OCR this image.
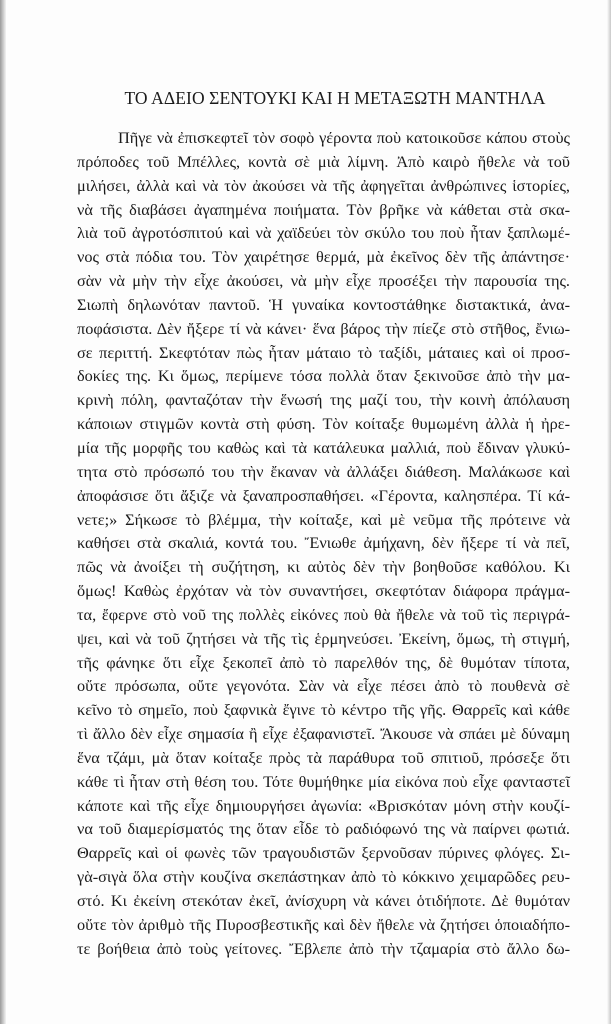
ΤΟ ΑΔΕΙΟ ΣΕΝΤΟΥΚΙ ΚΑΙ Η ΜΕΤΑΞΩΤΗ ΜΑΝΤΗΛΑ
Πῆγε νὰ ἐπισκεφτεῖ τὸν σοφὸ γέροντα ποὺ κατοικοῦσε κάπου στοὺς
πρόποδες τοῦ Μπέλλες, κοντὰ σὲ μιὰ λίμνη. Ἀπὸ καιρὸ ἤθελε νὰ τοῦ
μιλήσει, ἀλλὰ καὶ νὰ τὸν ἀκούσει νὰ τῆς ἀφηγεῖται ἀνθρώπινες ἱστορίες,
νὰ τῆς διαβάσει ἀγαπημένα ποιήματα. Τὸν βρῆκε νὰ κάθεται στὰ σκα-
λιὰ τοῦ ἀγροτόσπιτού καὶ νὰ χαϊδεύει τὸν σκύλο του ποὺ ἦταν ξαπλωμέ-
νος στὰ πόδια του. Τὸν χαιρέτησε θερμά, μὰ ἐκεῖνος δὲν τῆς ἀπάντησε·
σὰν νὰ μὴν τὴν εἶχε ἀκούσει, νὰ μὴν εἶχε προσέξει τὴν παρουσία της.
Σιωπὴ δηλωνόταν παντοῦ. Ἡ γυναίκα κοντοστάθηκε διστακτικά, ἀνα-
ποφάσιστα. Δὲν ἤξερε τί νὰ κάνει· ἕνα βάρος τὴν πίεζε στὸ στῆθος, ἔνιω-
σε περιττή. Σκεφτόταν πὼς ἦταν μάταιο τὸ ταξίδι, μάταιες καὶ οἱ προσ-
δοκίες της. Κι ὅμως, περίμενε τόσα πολλὰ ὅταν ξεκινοῦσε ἀπὸ τὴν μα-
κρινὴ πόλη, φανταζόταν τὴν ἕνωσή της μαζί του, τὴν κοινὴ ἀπόλαυση
κάποιων στιγμῶν κοντὰ στὴ φύση. Τὸν κοίταξε θυμωμένη ἀλλὰ ἡ ἠρε-
μία τῆς μορφῆς του καθὼς καὶ τὰ κατάλευκα μαλλιά, ποὺ ἔδιναν γλυκύ-
τητα στὸ πρόσωπό του τὴν ἔκαναν νὰ ἀλλάξει διάθεση. Μαλάκωσε καὶ
ἀποφάσισε ὅτι ἄξιζε νὰ ξαναπροσπαθήσει. «Γέροντα, καλησπέρα. Τί κά-
νετε;» Σήκωσε τὸ βλέμμα, τὴν κοίταξε, καὶ μὲ νεῦμα τῆς πρότεινε νὰ
καθήσει στὰ σκαλιά, κοντά του. Ἔνιωθε ἀμήχανη, δὲν ἤξερε τί νὰ πεῖ,
πῶς νὰ ἀνοίξει τὴ συζήτηση, κι αὐτὸς δὲν τὴν βοηθοῦσε καθόλου. Κι
ὅμως! Καθὼς ἐρχόταν νὰ τὸν συναντήσει, σκεφτόταν διάφορα πράγμα-
τα, ἔφερνε στὸ νοῦ της πολλὲς εἰκόνες ποὺ θὰ ἤθελε νὰ τοῦ τὶς περιγρά-
ψει, καὶ νὰ τοῦ ζητήσει νὰ τῆς τὶς ἑρμηνεύσει. Ἐκείνη, ὅμως, τὴ στιγμή,
τῆς φάνηκε ὅτι εἶχε ξεκοπεῖ ἀπὸ τὸ παρελθόν της, δὲ θυμόταν τίποτα,
οὔτε πρόσωπα, οὔτε γεγονότα. Σὰν νὰ εἶχε πέσει ἀπὸ τὸ πουθενὰ σὲ
κεῖνο τὸ σημεῖο, ποὺ ξαφνικὰ ἔγινε τὸ κέντρο τῆς γῆς. Θαρρεῖς καὶ κάθε
τὶ ἄλλο δὲν εἶχε σημασία ἢ εἶχε ἐξαφανιστεῖ. Ἄκουσε νὰ σπάει μὲ δύναμη
ἕνα τζάμι, μὰ ὅταν κοίταξε πρὸς τὰ παράθυρα τοῦ σπιτιοῦ, πρόσεξε ὅτι
κάθε τὶ ἦταν στὴ θέση του. Τότε θυμήθηκε μία εἰκόνα ποὺ εἶχε φανταστεῖ
κάποτε καὶ τῆς εἶχε δημιουργήσει ἀγωνία: «Βρισκόταν μόνη στὴν κουζί-
να τοῦ διαμερίσματός της ὅταν εἶδε τὸ ραδιόφωνό της νὰ παίρνει φωτιά.
Θαρρεῖς καὶ οἱ φωνὲς τῶν τραγουδιστῶν ξερνοῦσαν πύρινες φλόγες. Σι-
γὰ-σιγὰ ὅλα στὴν κουζίνα σκεπάστηκαν ἀπὸ τὸ κόκκινο χειμαρῶδες ρευ-
στό. Κι ἐκείνη στεκόταν ἐκεῖ, ἀνίσχυρη νὰ κάνει ὁτιδήποτε. Δὲ θυμόταν
οὔτε τὸν ἀριθμὸ τῆς Πυροσβεστικῆς καὶ δὲν ἤθελε νὰ ζητήσει ὁποιαδήπο-
τε βοήθεια ἀπὸ τοὺς γείτονες. Ἔβλεπε ἀπὸ τὴν τζαμαρία στὸ ἄλλο δω-
